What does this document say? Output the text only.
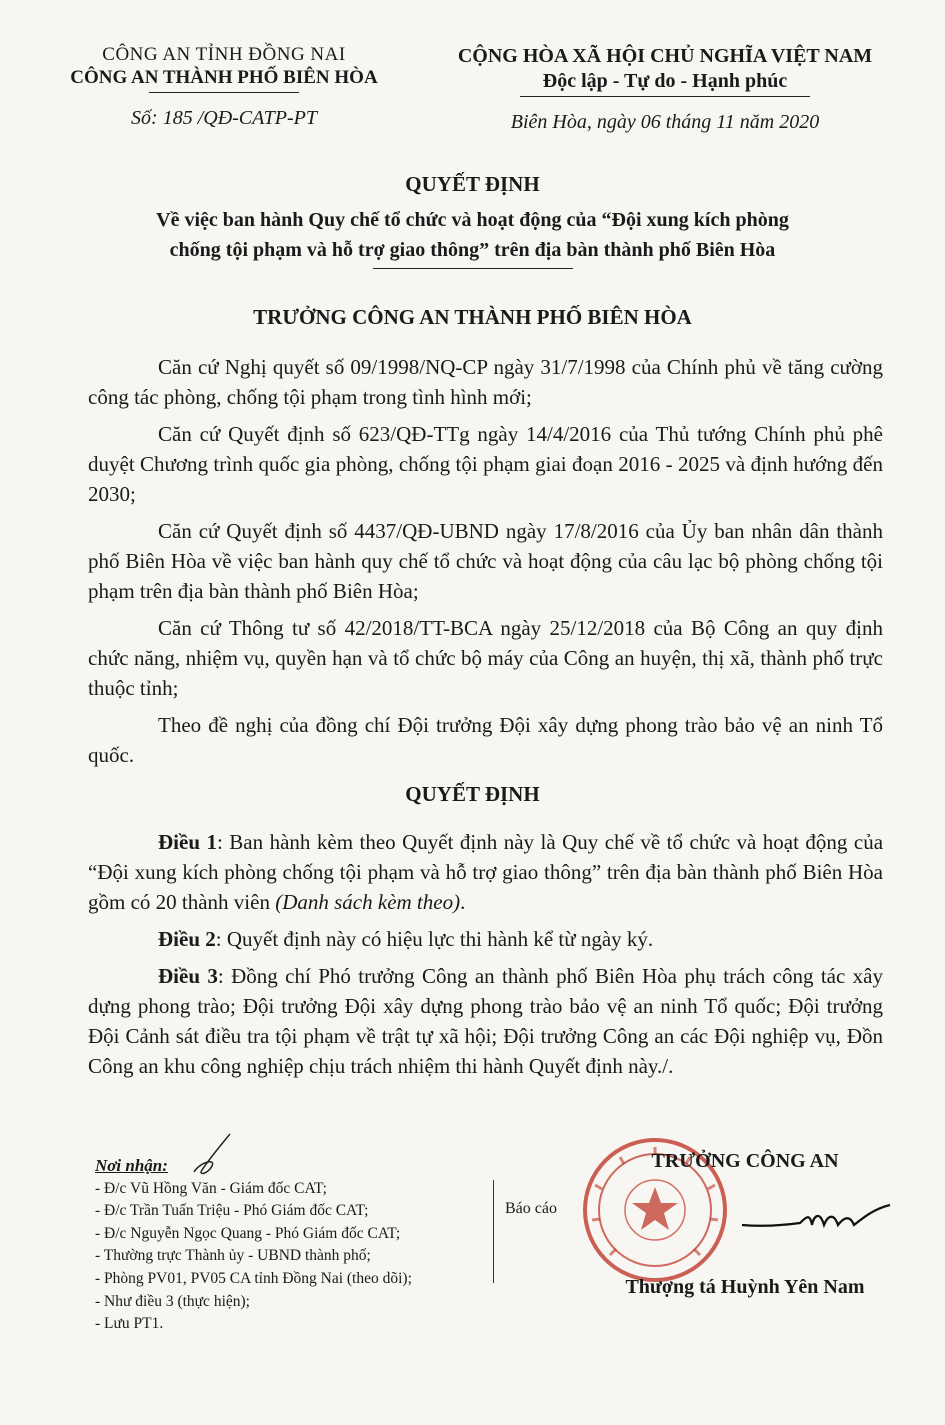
CÔNG AN TỈNH ĐỒNG NAI
CÔNG AN THÀNH PHỐ BIÊN HÒA
Số: 185 /QĐ-CATP-PT
CỘNG HÒA XÃ HỘI CHỦ NGHĨA VIỆT NAM
Độc lập - Tự do - Hạnh phúc
Biên Hòa, ngày 06 tháng 11 năm 2020
QUYẾT ĐỊNH
Về việc ban hành Quy chế tổ chức và hoạt động của “Đội xung kích phòng
chống tội phạm và hỗ trợ giao thông” trên địa bàn thành phố Biên Hòa
TRƯỞNG CÔNG AN THÀNH PHỐ BIÊN HÒA

Căn cứ Nghị quyết số 09/1998/NQ-CP ngày 31/7/1998 của Chính phủ về tăng cường công tác phòng, chống tội phạm trong tình hình mới;

Căn cứ Quyết định số 623/QĐ-TTg ngày 14/4/2016 của Thủ tướng Chính phủ phê duyệt Chương trình quốc gia phòng, chống tội phạm giai đoạn 2016 - 2025 và định hướng đến 2030;

Căn cứ Quyết định số 4437/QĐ-UBND ngày 17/8/2016 của Ủy ban nhân dân thành phố Biên Hòa về việc ban hành quy chế tổ chức và hoạt động của câu lạc bộ phòng chống tội phạm trên địa bàn thành phố Biên Hòa;

Căn cứ Thông tư số 42/2018/TT-BCA ngày 25/12/2018 của Bộ Công an quy định chức năng, nhiệm vụ, quyền hạn và tổ chức bộ máy của Công an huyện, thị xã, thành phố trực thuộc tỉnh;

Theo đề nghị của đồng chí Đội trưởng Đội xây dựng phong trào bảo vệ an ninh Tổ quốc.

QUYẾT ĐỊNH

Điều 1: Ban hành kèm theo Quyết định này là Quy chế về tổ chức và hoạt động của “Đội xung kích phòng chống tội phạm và hỗ trợ giao thông” trên địa bàn thành phố Biên Hòa gồm có 20 thành viên (Danh sách kèm theo).

Điều 2: Quyết định này có hiệu lực thi hành kể từ ngày ký.

Điều 3: Đồng chí Phó trưởng Công an thành phố Biên Hòa phụ trách công tác xây dựng phong trào; Đội trưởng Đội xây dựng phong trào bảo vệ an ninh Tổ quốc; Đội trưởng Đội Cảnh sát điều tra tội phạm về trật tự xã hội; Đội trưởng Công an các Đội nghiệp vụ, Đồn Công an khu công nghiệp chịu trách nhiệm thi hành Quyết định này./.

Nơi nhận:
- Đ/c Vũ Hồng Văn - Giám đốc CAT;
- Đ/c Trần Tuấn Triệu - Phó Giám đốc CAT;
- Đ/c Nguyễn Ngọc Quang - Phó Giám đốc CAT;
- Thường trực Thành ủy - UBND thành phố;
- Phòng PV01, PV05 CA tỉnh Đồng Nai (theo dõi);
- Như điều 3 (thực hiện);
- Lưu PT1.
Báo cáo
TRƯỞNG CÔNG AN
Thượng tá Huỳnh Yên Nam
